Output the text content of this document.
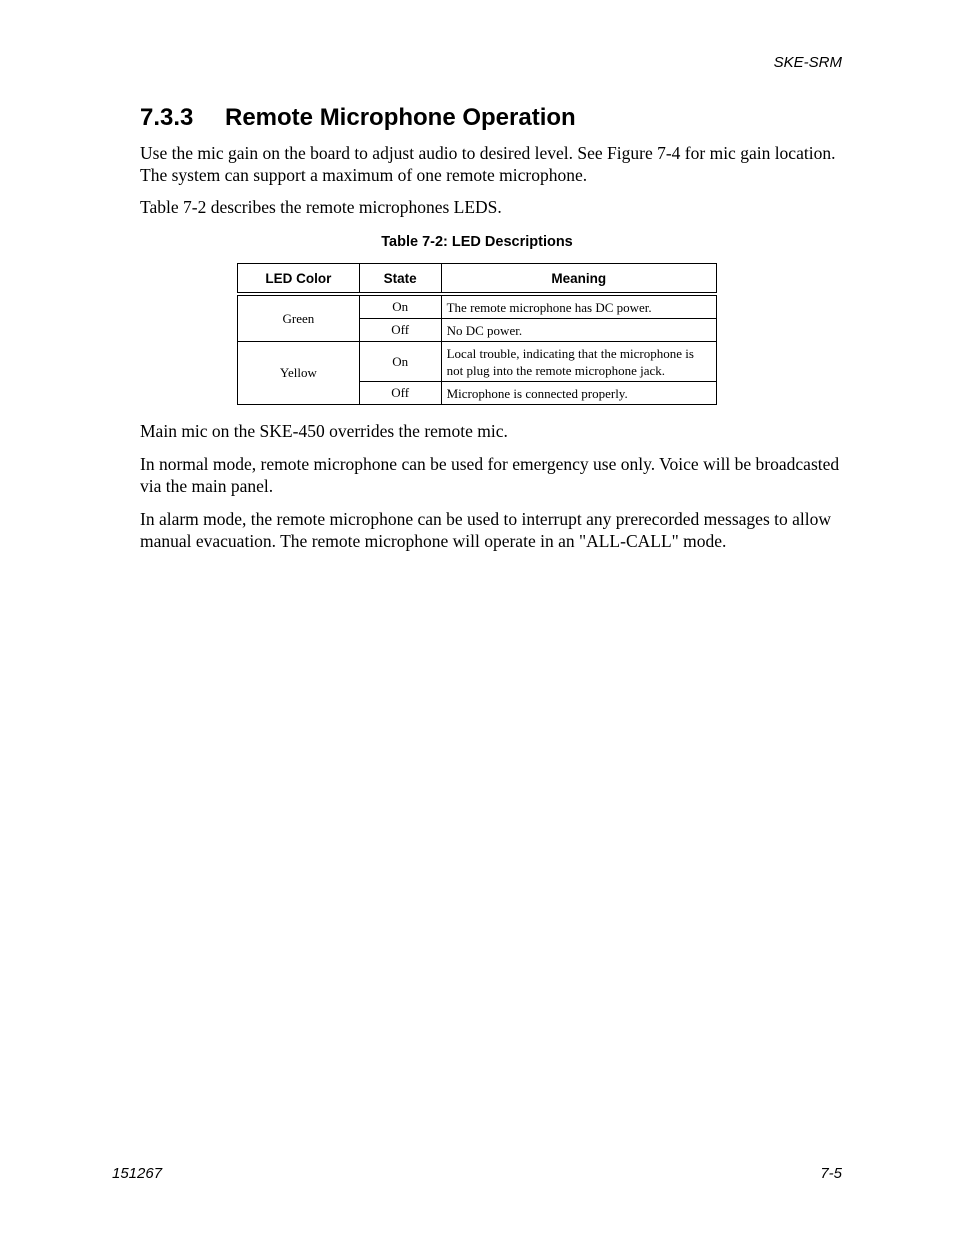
SKE-SRM
7.3.3 Remote Microphone Operation

Use the mic gain on the board to adjust audio to desired level. See Figure 7-4 for mic gain location. The system can support a maximum of one remote microphone.

Table 7-2 describes the remote microphones LEDS.

Table 7-2: LED Descriptions
LED Color	State	Meaning
Green	On	The remote microphone has DC power.
	Off	No DC power.
Yellow	On	Local trouble, indicating that the microphone is not plug into the remote microphone jack.
	Off	Microphone is connected properly.

Main mic on the SKE-450 overrides the remote mic.

In normal mode, remote microphone can be used for emergency use only. Voice will be broadcasted via the main panel.

In alarm mode, the remote microphone can be used to interrupt any prerecorded messages to allow manual evacuation. The remote microphone will operate in an "ALL-CALL" mode.

151267	7-5
